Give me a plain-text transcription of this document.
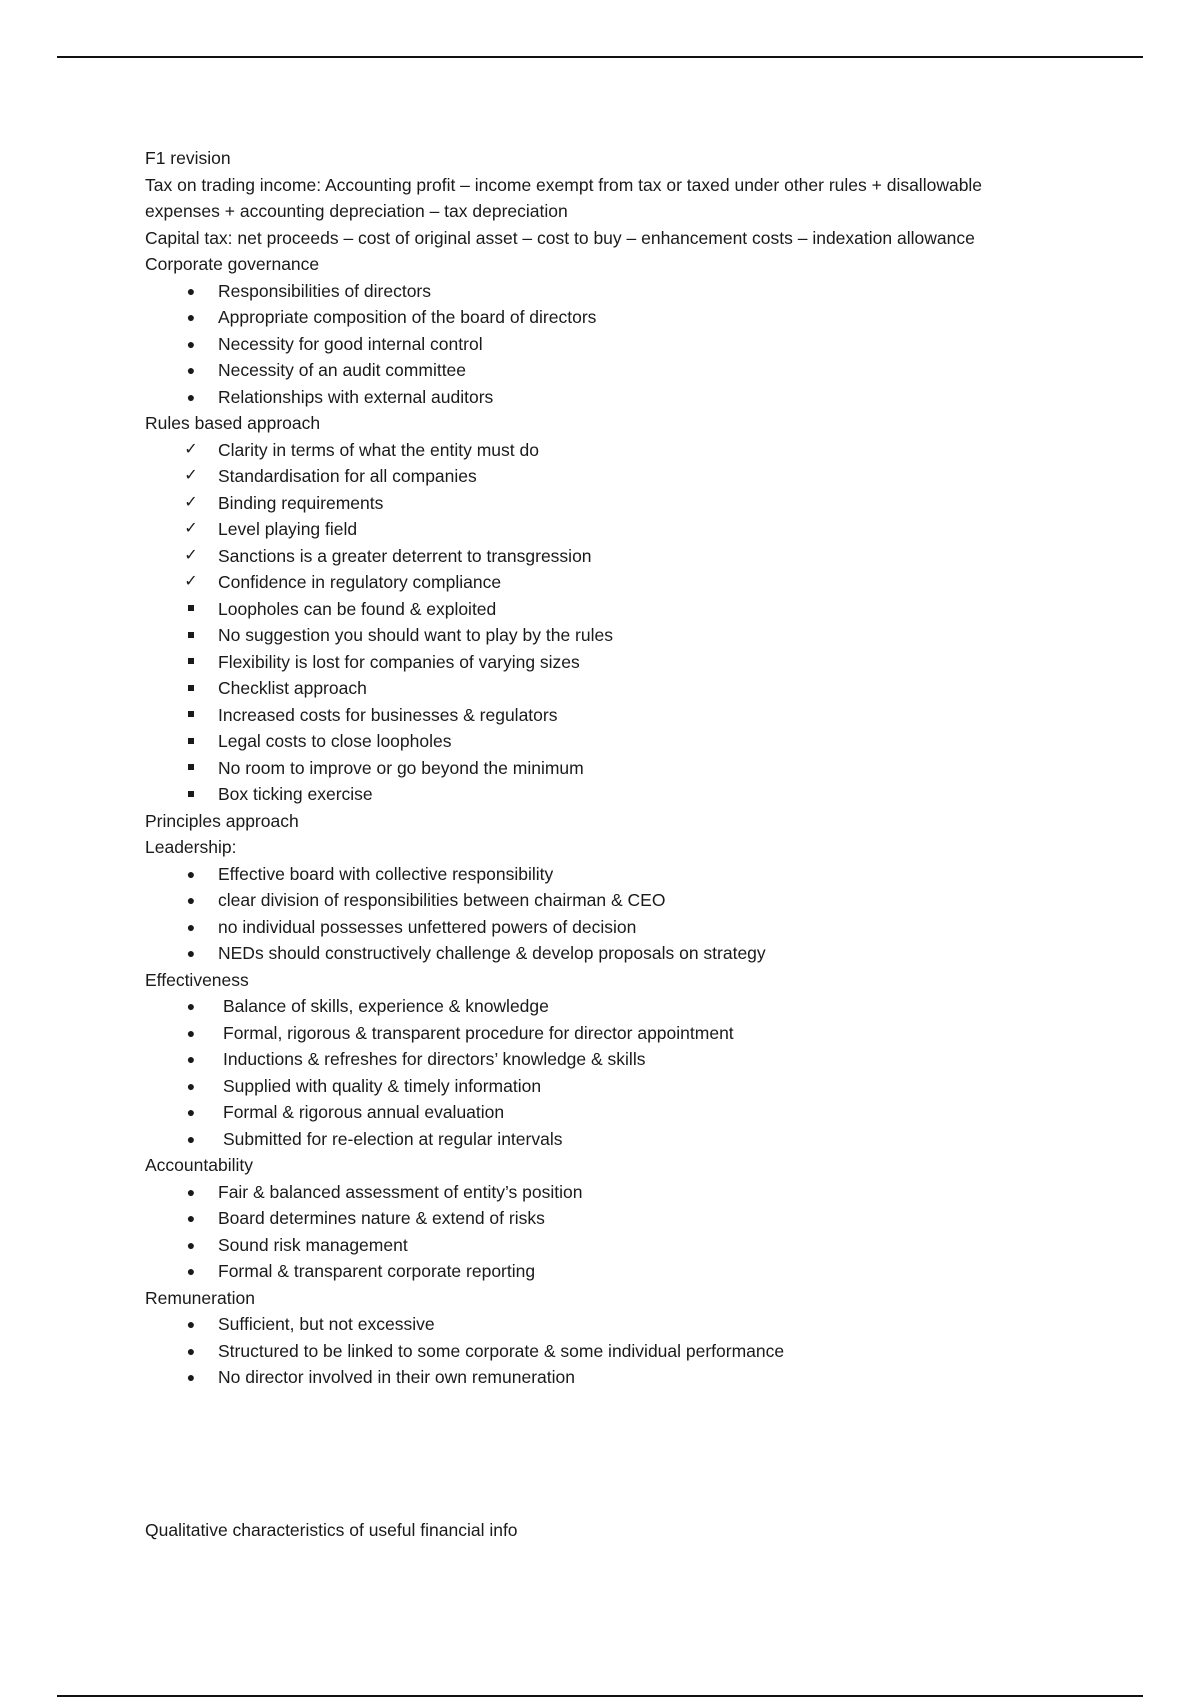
F1 revision

Tax on trading income: Accounting profit – income exempt from tax or taxed under other rules + disallowable expenses + accounting depreciation – tax depreciation

Capital tax: net proceeds – cost of original asset – cost to buy – enhancement costs – indexation allowance

Corporate governance

●	Responsibilities of directors
●	Appropriate composition of the board of directors
●	Necessity for good internal control
●	Necessity of an audit committee
●	Relationships with external auditors

Rules based approach

✓ Clarity in terms of what the entity must do
✓ Standardisation for all companies
✓ Binding requirements
✓ Level playing field
✓ Sanctions is a greater deterrent to transgression
✓ Confidence in regulatory compliance
Loopholes can be found & exploited
No suggestion you should want to play by the rules
Flexibility is lost for companies of varying sizes
Checklist approach
Increased costs for businesses & regulators
Legal costs to close loopholes
No room to improve or go beyond the minimum
Box ticking exercise

Principles approach

Leadership:

●	Effective board with collective responsibility
●	clear division of responsibilities between chairman & CEO
●	no individual possesses unfettered powers of decision
●	NEDs should constructively challenge & develop proposals on strategy

Effectiveness

●	Balance of skills, experience & knowledge
●	Formal, rigorous & transparent procedure for director appointment
●	Inductions & refreshes for directors’ knowledge & skills
●	Supplied with quality & timely information
●	Formal & rigorous annual evaluation
●	Submitted for re-election at regular intervals

Accountability

●	Fair & balanced assessment of entity’s position
●	Board determines nature & extend of risks
●	Sound risk management
●	Formal & transparent corporate reporting

Remuneration

●	Sufficient, but not excessive
●	Structured to be linked to some corporate & some individual performance
●	No director involved in their own remuneration

Qualitative characteristics of useful financial info
